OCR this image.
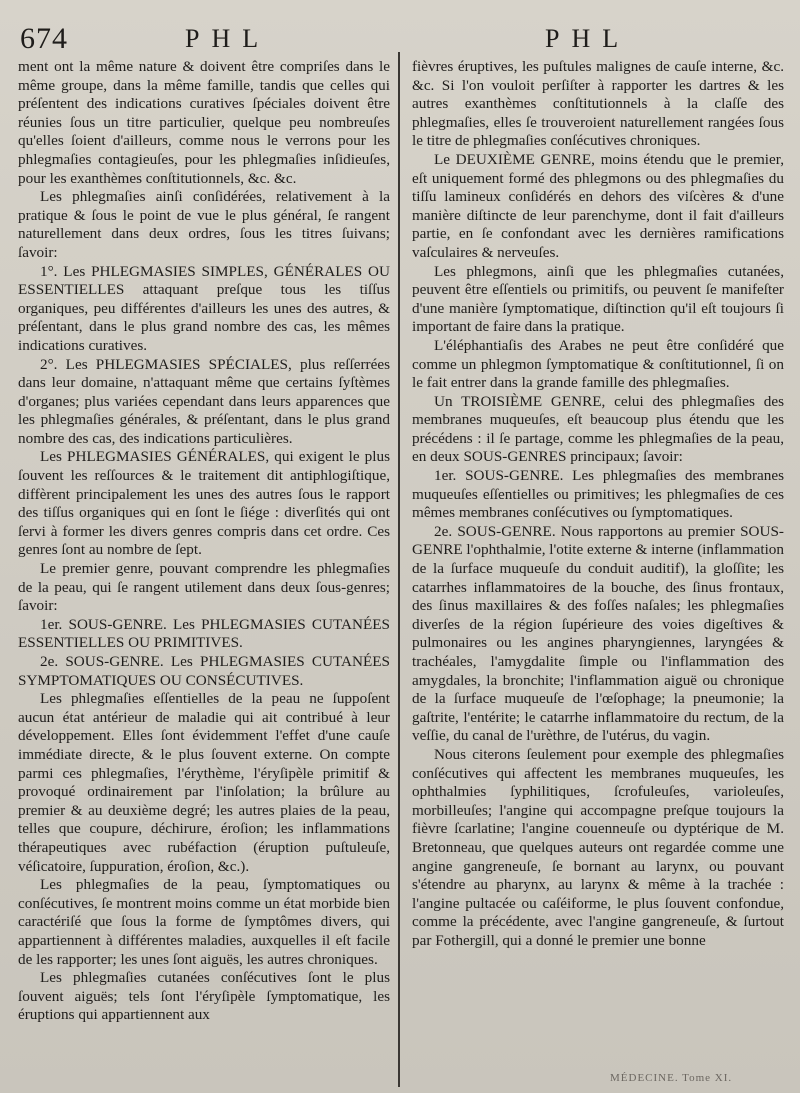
674	PHL	PHL

ment ont la même nature & doivent être compriſes dans le même groupe, dans la même famille, tandis que celles qui préſentent des indications curatives ſpéciales doivent être réunies ſous un titre particulier, quelque peu nombreuſes qu'elles ſoient d'ailleurs, comme nous le verrons pour les phlegmaſies contagieuſes, pour les phlegmaſies inſidieuſes, pour les exanthèmes conſtitutionnels, &c. &c.

Les phlegmaſies ainſi conſidérées, relativement à la pratique & ſous le point de vue le plus général, ſe rangent naturellement dans deux ordres, ſous les titres ſuivans; ſavoir:

1°. Les PHLEGMASIES SIMPLES, GÉNÉRALES OU ESSENTIELLES attaquant preſque tous les tiſſus organiques, peu différentes d'ailleurs les unes des autres, & préſentant, dans le plus grand nombre des cas, les mêmes indications curatives.

2°. Les PHLEGMASIES SPÉCIALES, plus reſſerrées dans leur domaine, n'attaquant même que certains ſyſtèmes d'organes; plus variées cependant dans leurs apparences que les phlegmaſies générales, & préſentant, dans le plus grand nombre des cas, des indications particulières.

Les PHLEGMASIES GÉNÉRALES, qui exigent le plus ſouvent les reſſources & le traitement dit antiphlogiſtique, diffèrent principalement les unes des autres ſous le rapport des tiſſus organiques qui en ſont le ſiége : diverſités qui ont ſervi à former les divers genres compris dans cet ordre. Ces genres ſont au nombre de ſept.

Le premier genre, pouvant comprendre les phlegmaſies de la peau, qui ſe rangent utilement dans deux ſous-genres; ſavoir:

1er. SOUS-GENRE. Les PHLEGMASIES CUTANÉES ESSENTIELLES OU PRIMITIVES.

2e. SOUS-GENRE. Les PHLEGMASIES CUTANÉES SYMPTOMATIQUES OU CONSÉCUTIVES.

Les phlegmaſies eſſentielles de la peau ne ſuppoſent aucun état antérieur de maladie qui ait contribué à leur développement. Elles ſont évidemment l'effet d'une cauſe immédiate directe, & le plus ſouvent externe. On compte parmi ces phlegmaſies, l'érythème, l'éryſipèle primitif & provoqué ordinairement par l'inſolation; la brûlure au premier & au deuxième degré; les autres plaies de la peau, telles que coupure, déchirure, éroſion; les inflammations thérapeutiques avec rubéfaction (éruption puſtuleuſe, véſicatoire, ſuppuration, éroſion, &c.).

Les phlegmaſies de la peau, ſymptomatiques ou conſécutives, ſe montrent moins comme un état morbide bien caractériſé que ſous la forme de ſymptômes divers, qui appartiennent à différentes maladies, auxquelles il eſt facile de les rapporter; les unes ſont aiguës, les autres chroniques.

Les phlegmaſies cutanées conſécutives ſont le plus ſouvent aiguës; tels ſont l'éryſipèle ſymptomatique, les éruptions qui appartiennent aux

fièvres éruptives, les puſtules malignes de cauſe interne, &c. &c. Si l'on vouloit perſiſter à rapporter les dartres & les autres exanthèmes conſtitutionnels à la claſſe des phlegmaſies, elles ſe trouveroient naturellement rangées ſous le titre de phlegmaſies conſécutives chroniques.

Le DEUXIÈME GENRE, moins étendu que le premier, eſt uniquement formé des phlegmons ou des phlegmaſies du tiſſu lamineux conſidérés en dehors des viſcères & d'une manière diſtincte de leur parenchyme, dont il fait d'ailleurs partie, en ſe confondant avec les dernières ramifications vaſculaires & nerveuſes.

Les phlegmons, ainſi que les phlegmaſies cutanées, peuvent être eſſentiels ou primitifs, ou peuvent ſe manifeſter d'une manière ſymptomatique, diſtinction qu'il eſt toujours ſi important de faire dans la pratique.

L'éléphantiaſis des Arabes ne peut être conſidéré que comme un phlegmon ſymptomatique & conſtitutionnel, ſi on le fait entrer dans la grande famille des phlegmaſies.

Un TROISIÈME GENRE, celui des phlegmaſies des membranes muqueuſes, eſt beaucoup plus étendu que les précédens : il ſe partage, comme les phlegmaſies de la peau, en deux SOUS-GENRES principaux; ſavoir:

1er. SOUS-GENRE. Les phlegmaſies des membranes muqueuſes eſſentielles ou primitives; les phlegmaſies de ces mêmes membranes conſécutives ou ſymptomatiques.

2e. SOUS-GENRE. Nous rapportons au premier SOUS-GENRE l'ophthalmie, l'otite externe & interne (inflammation de la ſurface muqueuſe du conduit auditif), la gloſſite; les catarrhes inflammatoires de la bouche, des ſinus frontaux, des ſinus maxillaires & des foſſes naſales; les phlegmaſies diverſes de la région ſupérieure des voies digeſtives & pulmonaires ou les angines pharyngiennes, laryngées & trachéales, l'amygdalite ſimple ou l'inflammation des amygdales, la bronchite; l'inflammation aiguë ou chronique de la ſurface muqueuſe de l'œſophage; la pneumonie; la gaſtrite, l'entérite; le catarrhe inflammatoire du rectum, de la veſſie, du canal de l'urèthre, de l'utérus, du vagin.

Nous citerons ſeulement pour exemple des phlegmaſies conſécutives qui affectent les membranes muqueuſes, les ophthalmies ſyphilitiques, ſcrofuleuſes, varioleuſes, morbilleuſes; l'angine qui accompagne preſque toujours la fièvre ſcarlatine; l'angine couenneuſe ou dyptérique de M. Bretonneau, que quelques auteurs ont regardée comme une angine gangreneuſe, ſe bornant au larynx, ou pouvant s'étendre au pharynx, au larynx & même à la trachée : l'angine pultacée ou caſéiforme, le plus ſouvent confondue, comme la précédente, avec l'angine gangreneuſe, & ſurtout par Fothergill, qui a donné le premier une bonne

MÉDECINE. Tome XI.
